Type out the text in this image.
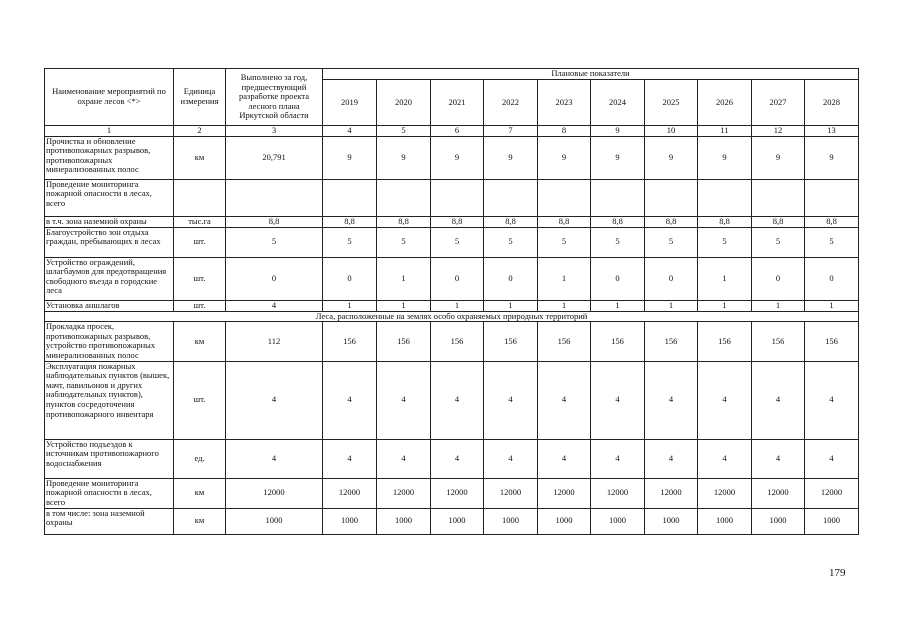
Наименование мероприятий по охране лесов <*>	Единица измерения	Выполнено за год, предшествующий разработке проекта лесного плана Иркутской области	Плановые показатели									
			2019	2020	2021	2022	2023	2024	2025	2026	2027	2028
1	2	3	4	5	6	7	8	9	10	11	12	13
Прочистка и обновление противопожарных разрывов, противопожарных минерализованных полос	км	20,791	9	9	9	9	9	9	9	9	9	9
Проведение мониторинга пожарной опасности в лесах, всего												
в т.ч. зона наземной охраны	тыс.га	8,8	8,8	8,8	8,8	8,8	8,8	8,8	8,8	8,8	8,8	8,8
Благоустройство зон отдыха граждан, пребывающих в лесах	шт.	5	5	5	5	5	5	5	5	5	5	5
Устройство ограждений, шлагбаумов для предотвращения свободного въезда в городские леса	шт.	0	0	1	0	0	1	0	0	1	0	0
Установка аншлагов	шт.	4	1	1	1	1	1	1	1	1	1	1
Леса, расположенные на землях особо охраняемых природных территорий												
Прокладка просек, противопожарных разрывов, устройство противопожарных минерализованных полос	км	112	156	156	156	156	156	156	156	156	156	156
Эксплуатация пожарных наблюдательных пунктов (вышек, мачт, павильонов и других наблюдательных пунктов), пунктов сосредоточения противопожарного инвентаря	шт.	4	4	4	4	4	4	4	4	4	4	4
Устройство подъездов к источникам противопожарного водоснабжения	ед.	4	4	4	4	4	4	4	4	4	4	4
Проведение мониторинга пожарной опасности в лесах, всего	км	12000	12000	12000	12000	12000	12000	12000	12000	12000	12000	12000
в том числе: зона наземной охраны	км	1000	1000	1000	1000	1000	1000	1000	1000	1000	1000	1000
179
